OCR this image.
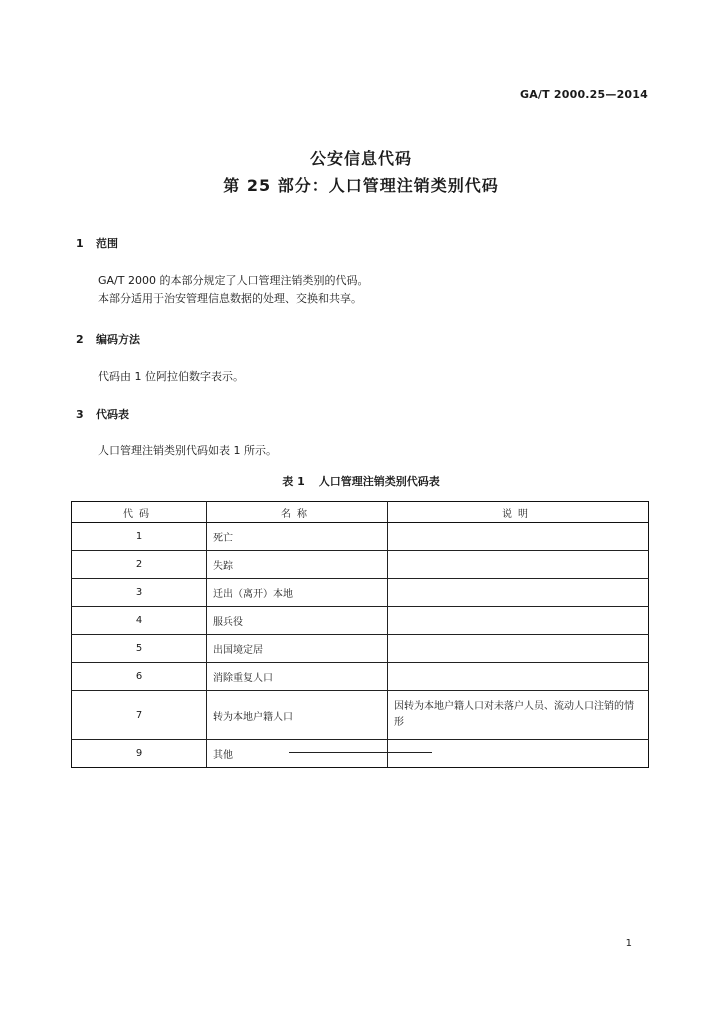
GA/T 2000.25—2014
公安信息代码
第 25 部分：人口管理注销类别代码
1 范围
GA/T 2000 的本部分规定了人口管理注销类别的代码。
本部分适用于治安管理信息数据的处理、交换和共享。
2 编码方法
代码由 1 位阿拉伯数字表示。
3 代码表
人口管理注销类别代码如表 1 所示。
表 1 人口管理注销类别代码表
代码	名称	说明
1	死亡	
2	失踪	
3	迁出（离开）本地	
4	服兵役	
5	出国境定居	
6	消除重复人口	
7	转为本地户籍人口	因转为本地户籍人口对未落户人员、流动人口注销的情形
9	其他	
1
